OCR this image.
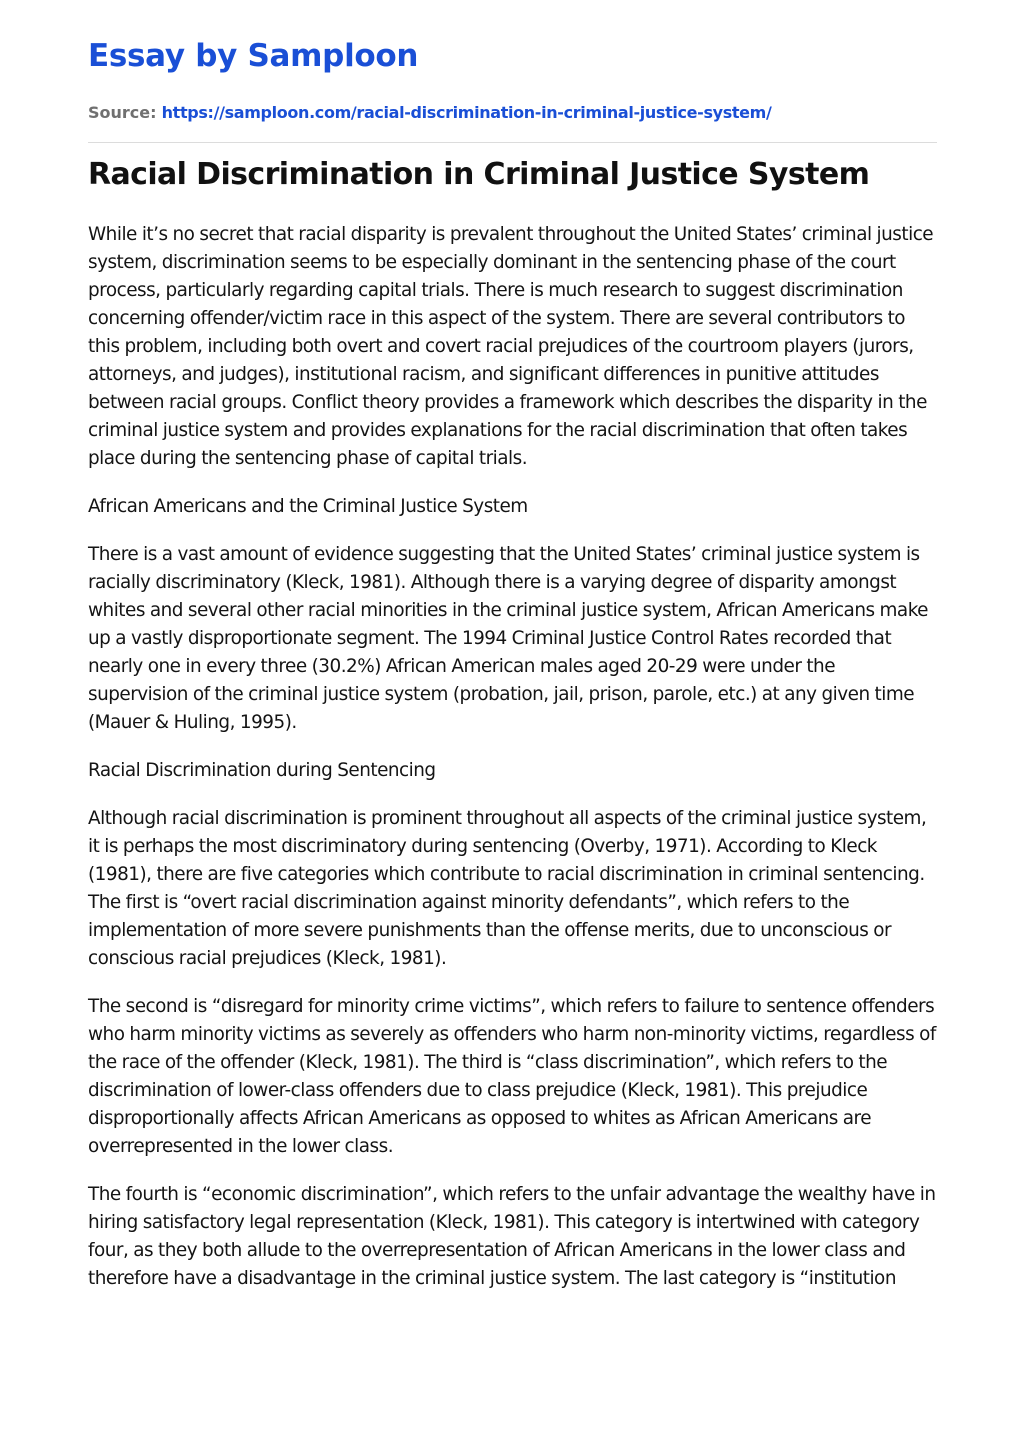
Essay by Samploon
Source: https://samploon.com/racial-discrimination-in-criminal-justice-system/
Racial Discrimination in Criminal Justice System

While it’s no secret that racial disparity is prevalent throughout the United States’ criminal justice system, discrimination seems to be especially dominant in the sentencing phase of the court process, particularly regarding capital trials. There is much research to suggest discrimination concerning offender/victim race in this aspect of the system. There are several contributors to this problem, including both overt and covert racial prejudices of the courtroom players (jurors, attorneys, and judges), institutional racism, and significant differences in punitive attitudes between racial groups. Conflict theory provides a framework which describes the disparity in the criminal justice system and provides explanations for the racial discrimination that often takes place during the sentencing phase of capital trials.

African Americans and the Criminal Justice System

There is a vast amount of evidence suggesting that the United States’ criminal justice system is racially discriminatory (Kleck, 1981). Although there is a varying degree of disparity amongst whites and several other racial minorities in the criminal justice system, African Americans make up a vastly disproportionate segment. The 1994 Criminal Justice Control Rates recorded that nearly one in every three (30.2%) African American males aged 20-29 were under the supervision of the criminal justice system (probation, jail, prison, parole, etc.) at any given time (Mauer & Huling, 1995).

Racial Discrimination during Sentencing

Although racial discrimination is prominent throughout all aspects of the criminal justice system, it is perhaps the most discriminatory during sentencing (Overby, 1971). According to Kleck (1981), there are five categories which contribute to racial discrimination in criminal sentencing. The first is “overt racial discrimination against minority defendants”, which refers to the implementation of more severe punishments than the offense merits, due to unconscious or conscious racial prejudices (Kleck, 1981).

The second is “disregard for minority crime victims”, which refers to failure to sentence offenders who harm minority victims as severely as offenders who harm non-minority victims, regardless of the race of the offender (Kleck, 1981). The third is “class discrimination”, which refers to the discrimination of lower-class offenders due to class prejudice (Kleck, 1981). This prejudice disproportionally affects African Americans as opposed to whites as African Americans are overrepresented in the lower class.

The fourth is “economic discrimination”, which refers to the unfair advantage the wealthy have in hiring satisfactory legal representation (Kleck, 1981). This category is intertwined with category four, as they both allude to the overrepresentation of African Americans in the lower class and therefore have a disadvantage in the criminal justice system. The last category is “institution
